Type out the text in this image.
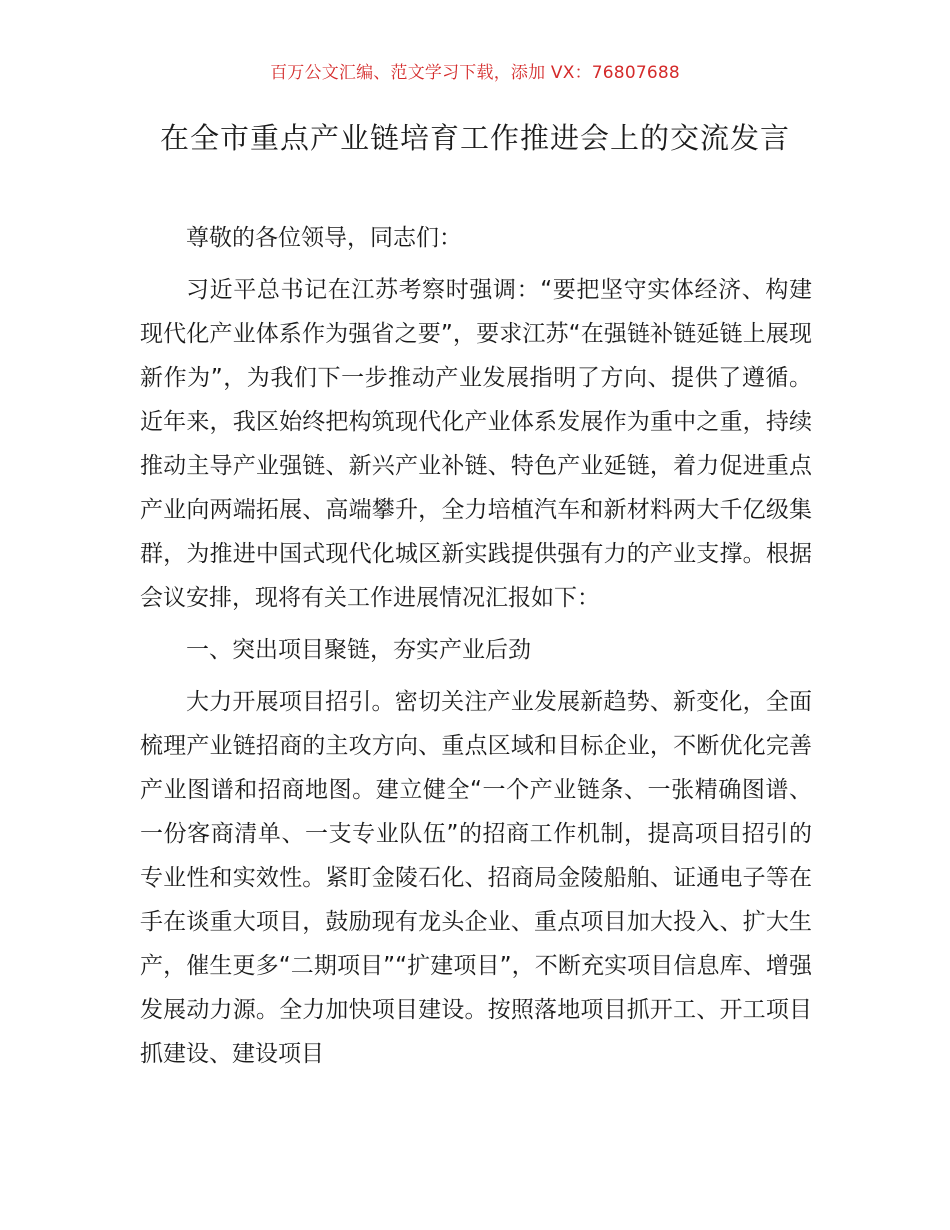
百万公文汇编、范文学习下载，添加 VX：76807688
在全市重点产业链培育工作推进会上的交流发言

尊敬的各位领导，同志们：

习近平总书记在江苏考察时强调：“要把坚守实体经济、构建现代化产业体系作为强省之要”，要求江苏“在强链补链延链上展现新作为”，为我们下一步推动产业发展指明了方向、提供了遵循。近年来，我区始终把构筑现代化产业体系发展作为重中之重，持续推动主导产业强链、新兴产业补链、特色产业延链，着力促进重点产业向两端拓展、高端攀升，全力培植汽车和新材料两大千亿级集群，为推进中国式现代化城区新实践提供强有力的产业支撑。根据会议安排，现将有关工作进展情况汇报如下：

一、突出项目聚链，夯实产业后劲

大力开展项目招引。密切关注产业发展新趋势、新变化，全面梳理产业链招商的主攻方向、重点区域和目标企业，不断优化完善产业图谱和招商地图。建立健全“一个产业链条、一张精确图谱、一份客商清单、一支专业队伍”的招商工作机制，提高项目招引的专业性和实效性。紧盯金陵石化、招商局金陵船舶、证通电子等在手在谈重大项目，鼓励现有龙头企业、重点项目加大投入、扩大生产，催生更多“二期项目”“扩建项目”，不断充实项目信息库、增强发展动力源。全力加快项目建设。按照落地项目抓开工、开工项目抓建设、建设项目
